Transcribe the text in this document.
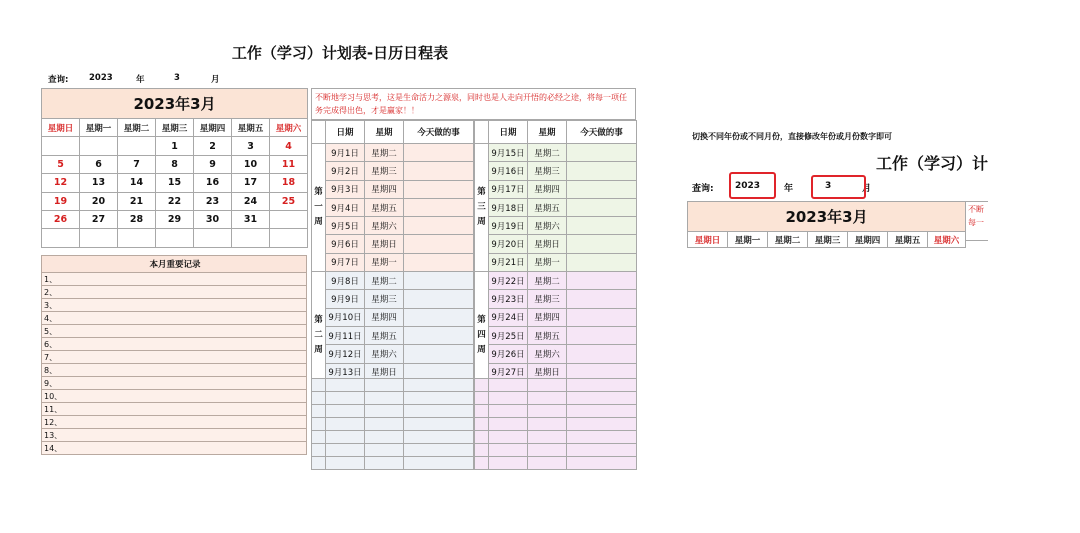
工作（学习）计划表-日历日程表
查询: 2023	年	3	月
2023年3月						
星期日	星期一	星期二	星期三	星期四	星期五	星期六
			1	2	3	4
5	6	7	8	9	10	11
12	13	14	15	16	17	18
19	20	21	22	23	24	25
26	27	28	29	30	31	

本月重要记录
1、
2、
3、
4、
5、
6、
7、
8、
9、
10、
11、
12、
13、
14、
不断地学习与思考，这是生命活力之源泉，同时也是人走向开悟的必经之途，将每一项任务完成得出色，才是赢家！！
	日期	星期	今天做的事

第
一
周	9月1日	星期二	
	9月2日	星期三	
	9月3日	星期四	
	9月4日	星期五	
	9月5日	星期六	
	9月6日	星期日	
	9月7日	星期一	

第
二
周	9月8日	星期二	
	9月9日	星期三	
	9月10日	星期四	
	9月11日	星期五	
	9月12日	星期六	
	9月13日	星期日	
	9月14日	星期一	

	日期	星期	今天做的事

第
三
周	9月15日	星期二	
	9月16日	星期三	
	9月17日	星期四	
	9月18日	星期五	
	9月19日	星期六	
	9月20日	星期日	
	9月21日	星期一	

第
四
周	9月22日	星期二	
	9月23日	星期三	
	9月24日	星期四	
	9月25日	星期五	
	9月26日	星期六	
	9月27日	星期日	
	9月28日	星期一	

切换不同年份或不同月份，直接修改年份或月份数字即可
工作（学习）计
查询: 2023	年	3	月
2023年3月
星期日	星期一	星期二	星期三	星期四	星期五	星期六
不断
每一
